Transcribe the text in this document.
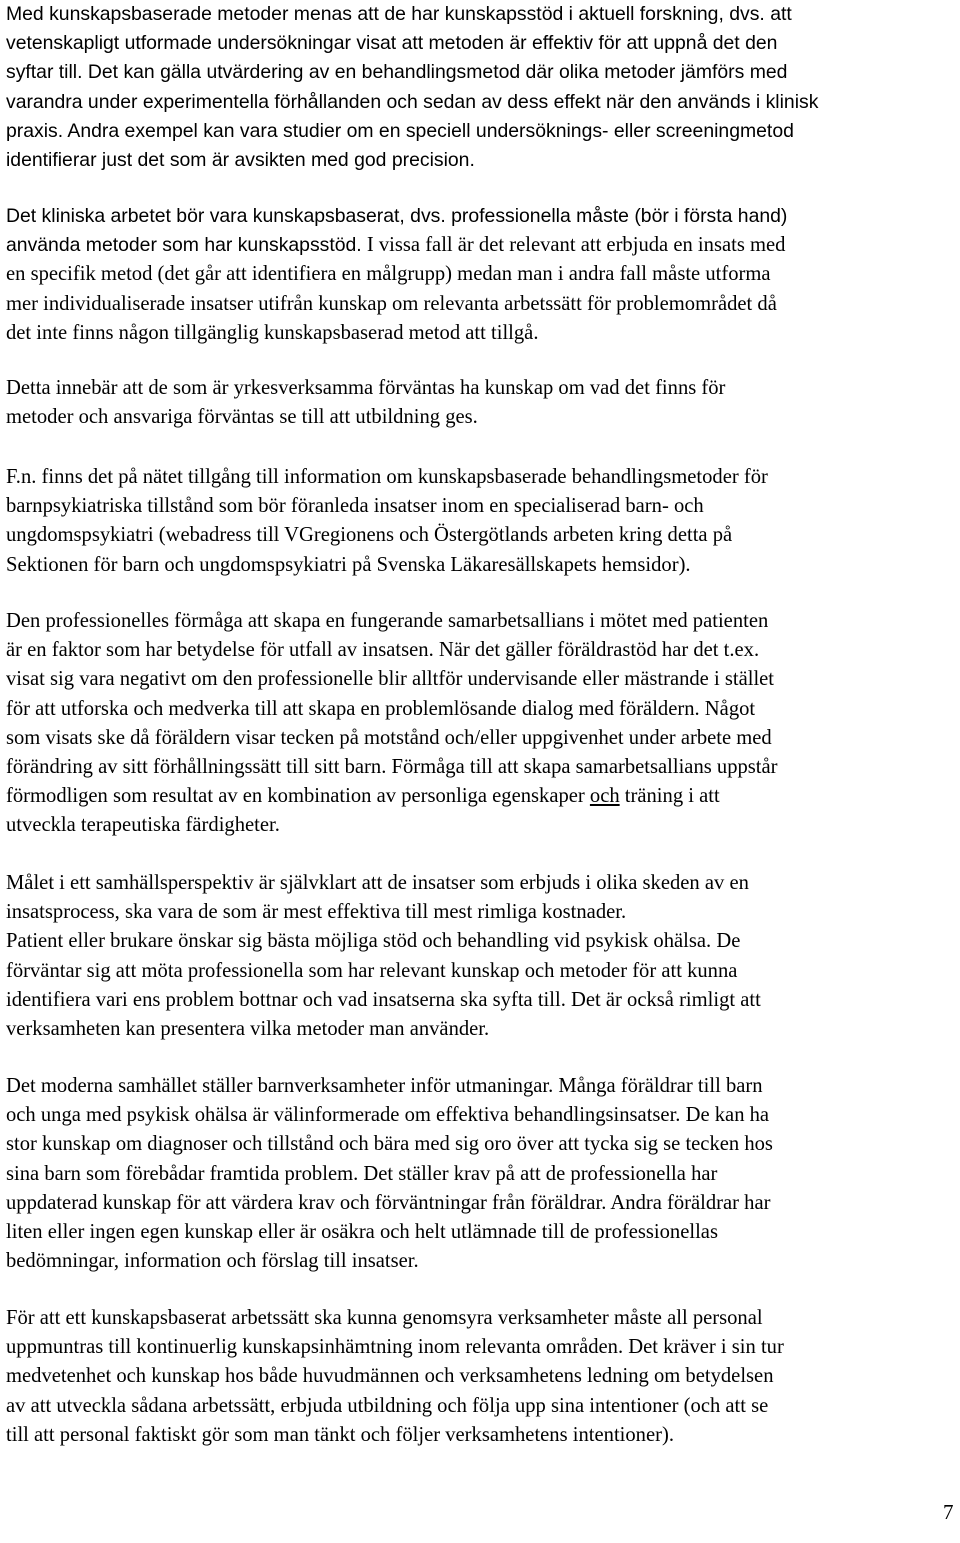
Med kunskapsbaserade metoder menas att de har kunskapsstöd i aktuell forskning, dvs. att
vetenskapligt utformade undersökningar visat att metoden är effektiv för att uppnå det den
syftar till. Det kan gälla utvärdering av en behandlingsmetod där olika metoder jämförs med
varandra under experimentella förhållanden och sedan av dess effekt när den används i klinisk
praxis. Andra exempel kan vara studier om en speciell undersöknings- eller screeningmetod
identifierar just det som är avsikten med god precision.
Det kliniska arbetet bör vara kunskapsbaserat, dvs. professionella måste (bör i första hand)
använda metoder som har kunskapsstöd. I vissa fall är det relevant att erbjuda en insats med
en specifik metod (det går att identifiera en målgrupp) medan man i andra fall måste utforma
mer individualiserade insatser utifrån kunskap om relevanta arbetssätt för problemområdet då
det inte finns någon tillgänglig kunskapsbaserad metod att tillgå.
Detta innebär att de som är yrkesverksamma förväntas ha kunskap om vad det finns för
metoder och ansvariga förväntas se till att utbildning ges.
F.n. finns det på nätet tillgång till information om kunskapsbaserade behandlingsmetoder för
barnpsykiatriska tillstånd som bör föranleda insatser inom en specialiserad barn- och
ungdomspsykiatri (webadress till VGregionens och Östergötlands arbeten kring detta på
Sektionen för barn och ungdomspsykiatri på Svenska Läkaresällskapets hemsidor).
Den professionelles förmåga att skapa en fungerande samarbetsallians i mötet med patienten
är en faktor som har betydelse för utfall av insatsen. När det gäller föräldrastöd har det t.ex.
visat sig vara negativt om den professionelle blir alltför undervisande eller mästrande i stället
för att utforska och medverka till att skapa en problemlösande dialog med föräldern. Något
som visats ske då föräldern visar tecken på motstånd och/eller uppgivenhet under arbete med
förändring av sitt förhållningssätt till sitt barn. Förmåga till att skapa samarbetsallians uppstår
förmodligen som resultat av en kombination av personliga egenskaper och träning i att
utveckla terapeutiska färdigheter.
Målet i ett samhällsperspektiv är självklart att de insatser som erbjuds i olika skeden av en
insatsprocess, ska vara de som är mest effektiva till mest rimliga kostnader.
Patient eller brukare önskar sig bästa möjliga stöd och behandling vid psykisk ohälsa. De
förväntar sig att möta professionella som har relevant kunskap och metoder för att kunna
identifiera vari ens problem bottnar och vad insatserna ska syfta till. Det är också rimligt att
verksamheten kan presentera vilka metoder man använder.
Det moderna samhället ställer barnverksamheter inför utmaningar. Många föräldrar till barn
och unga med psykisk ohälsa är välinformerade om effektiva behandlingsinsatser. De kan ha
stor kunskap om diagnoser och tillstånd och bära med sig oro över att tycka sig se tecken hos
sina barn som förebådar framtida problem. Det ställer krav på att de professionella har
uppdaterad kunskap för att värdera krav och förväntningar från föräldrar. Andra föräldrar har
liten eller ingen egen kunskap eller är osäkra och helt utlämnade till de professionellas
bedömningar, information och förslag till insatser.
För att ett kunskapsbaserat arbetssätt ska kunna genomsyra verksamheter måste all personal
uppmuntras till kontinuerlig kunskapsinhämtning inom relevanta områden. Det kräver i sin tur
medvetenhet och kunskap hos både huvudmännen och verksamhetens ledning om betydelsen
av att utveckla sådana arbetssätt, erbjuda utbildning och följa upp sina intentioner (och att se
till att personal faktiskt gör som man tänkt och följer verksamhetens intentioner).
7
